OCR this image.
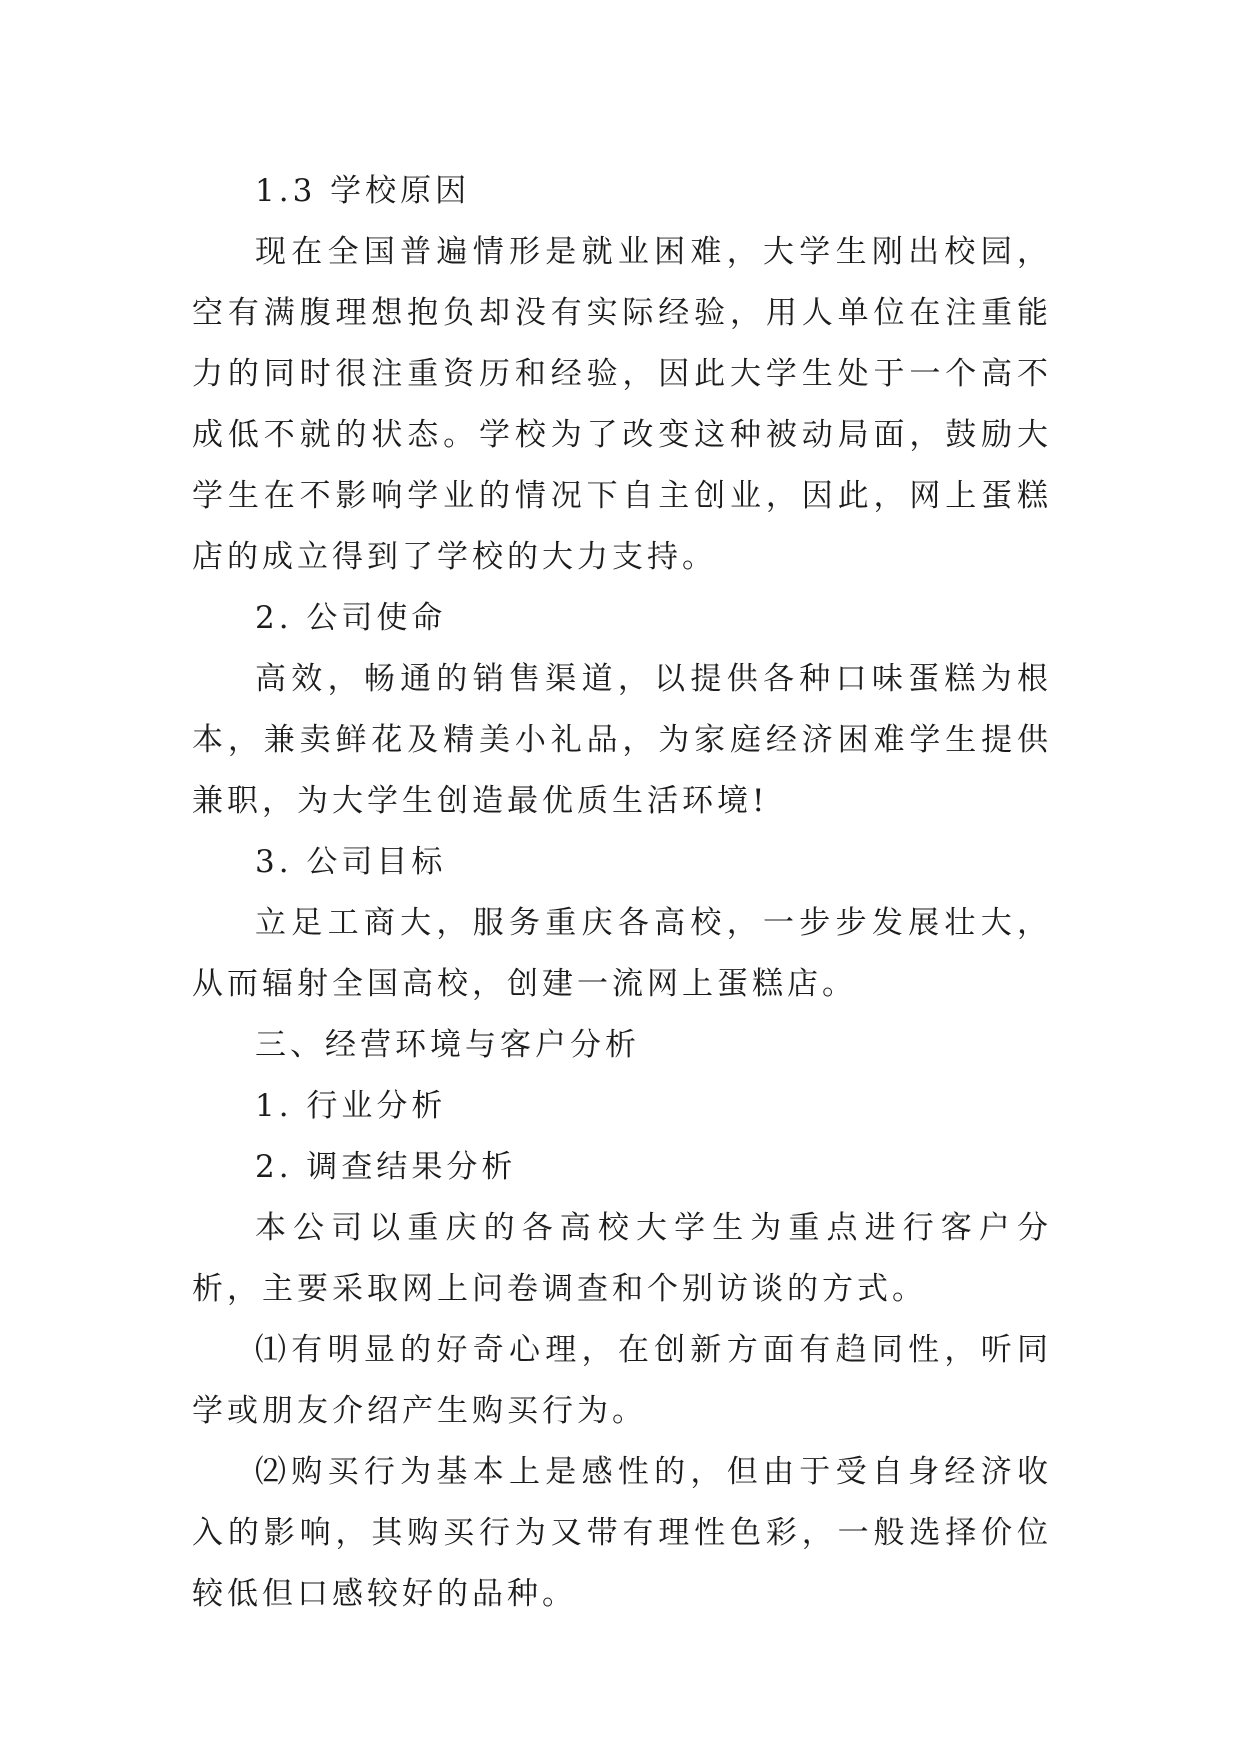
1.3 学校原因

现在全国普遍情形是就业困难，大学生刚出校园，空有满腹理想抱负却没有实际经验，用人单位在注重能力的同时很注重资历和经验，因此大学生处于一个高不成低不就的状态。学校为了改变这种被动局面，鼓励大学生在不影响学业的情况下自主创业，因此，网上蛋糕店的成立得到了学校的大力支持。

2. 公司使命

高效，畅通的销售渠道，以提供各种口味蛋糕为根本，兼卖鲜花及精美小礼品，为家庭经济困难学生提供兼职，为大学生创造最优质生活环境!

3. 公司目标

立足工商大，服务重庆各高校，一步步发展壮大，从而辐射全国高校，创建一流网上蛋糕店。

三、经营环境与客户分析

1. 行业分析

2. 调查结果分析

本公司以重庆的各高校大学生为重点进行客户分析，主要采取网上问卷调查和个别访谈的方式。

⑴有明显的好奇心理，在创新方面有趋同性，听同学或朋友介绍产生购买行为。

⑵购买行为基本上是感性的，但由于受自身经济收入的影响，其购买行为又带有理性色彩，一般选择价位较低但口感较好的品种。
